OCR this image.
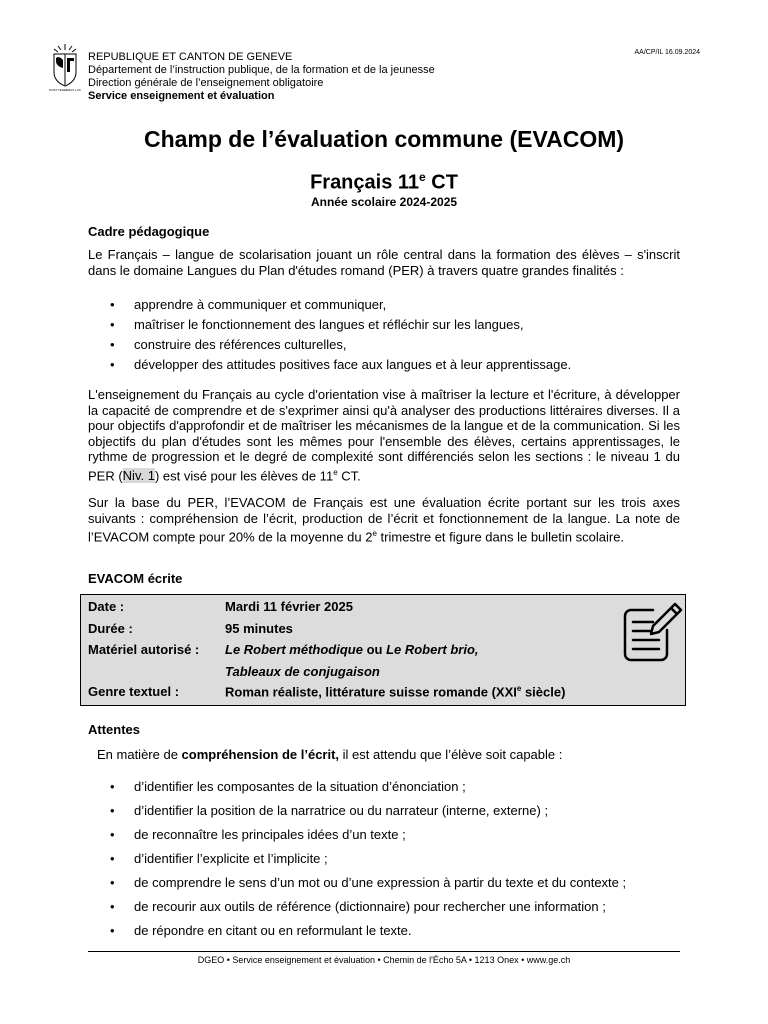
POST TENEBRAS LUX
REPUBLIQUE ET CANTON DE GENEVE
Département de l’instruction publique, de la formation et de la jeunesse
Direction générale de l’enseignement obligatoire
Service enseignement et évaluation
AA/CP/IL 16.09.2024
Champ de l’évaluation commune (EVACOM)
Français 11e CT
Année scolaire 2024-2025
Cadre pédagogique
Le Français – langue de scolarisation jouant un rôle central dans la formation des élèves – s'inscrit dans le domaine Langues du Plan d'études romand (PER) à travers quatre grandes finalités :
• apprendre à communiquer et communiquer,
• maîtriser le fonctionnement des langues et réfléchir sur les langues,
• construire des références culturelles,
• développer des attitudes positives face aux langues et à leur apprentissage.
L'enseignement du Français au cycle d'orientation vise à maîtriser la lecture et l'écriture, à développer la capacité de comprendre et de s'exprimer ainsi qu'à analyser des productions littéraires diverses. Il a pour objectifs d'approfondir et de maîtriser les mécanismes de la langue et de la communication. Si les objectifs du plan d'études sont les mêmes pour l'ensemble des élèves, certains apprentissages, le rythme de progression et le degré de complexité sont différenciés selon les sections : le niveau 1 du PER (Niv. 1) est visé pour les élèves de 11e CT.
Sur la base du PER, l’EVACOM de Français est une évaluation écrite portant sur les trois axes suivants : compréhension de l’écrit, production de l’écrit et fonctionnement de la langue. La note de l’EVACOM compte pour 20% de la moyenne du 2e trimestre et figure dans le bulletin scolaire.
EVACOM écrite
Date :	Mardi 11 février 2025
Durée :	95 minutes
Matériel autorisé : Le Robert méthodique ou Le Robert brio,
Tableaux de conjugaison
Genre textuel :	Roman réaliste, littérature suisse romande (XXIe siècle)
Attentes
En matière de compréhension de l’écrit, il est attendu que l’élève soit capable :
• d’identifier les composantes de la situation d’énonciation ;
• d’identifier la position de la narratrice ou du narrateur (interne, externe) ;
• de reconnaître les principales idées d’un texte ;
• d’identifier l’explicite et l’implicite ;
• de comprendre le sens d’un mot ou d’une expression à partir du texte et du contexte ;
• de recourir aux outils de référence (dictionnaire) pour rechercher une information ;
• de répondre en citant ou en reformulant le texte.
DGEO • Service enseignement et évaluation • Chemin de l'Écho 5A • 1213 Onex • www.ge.ch
